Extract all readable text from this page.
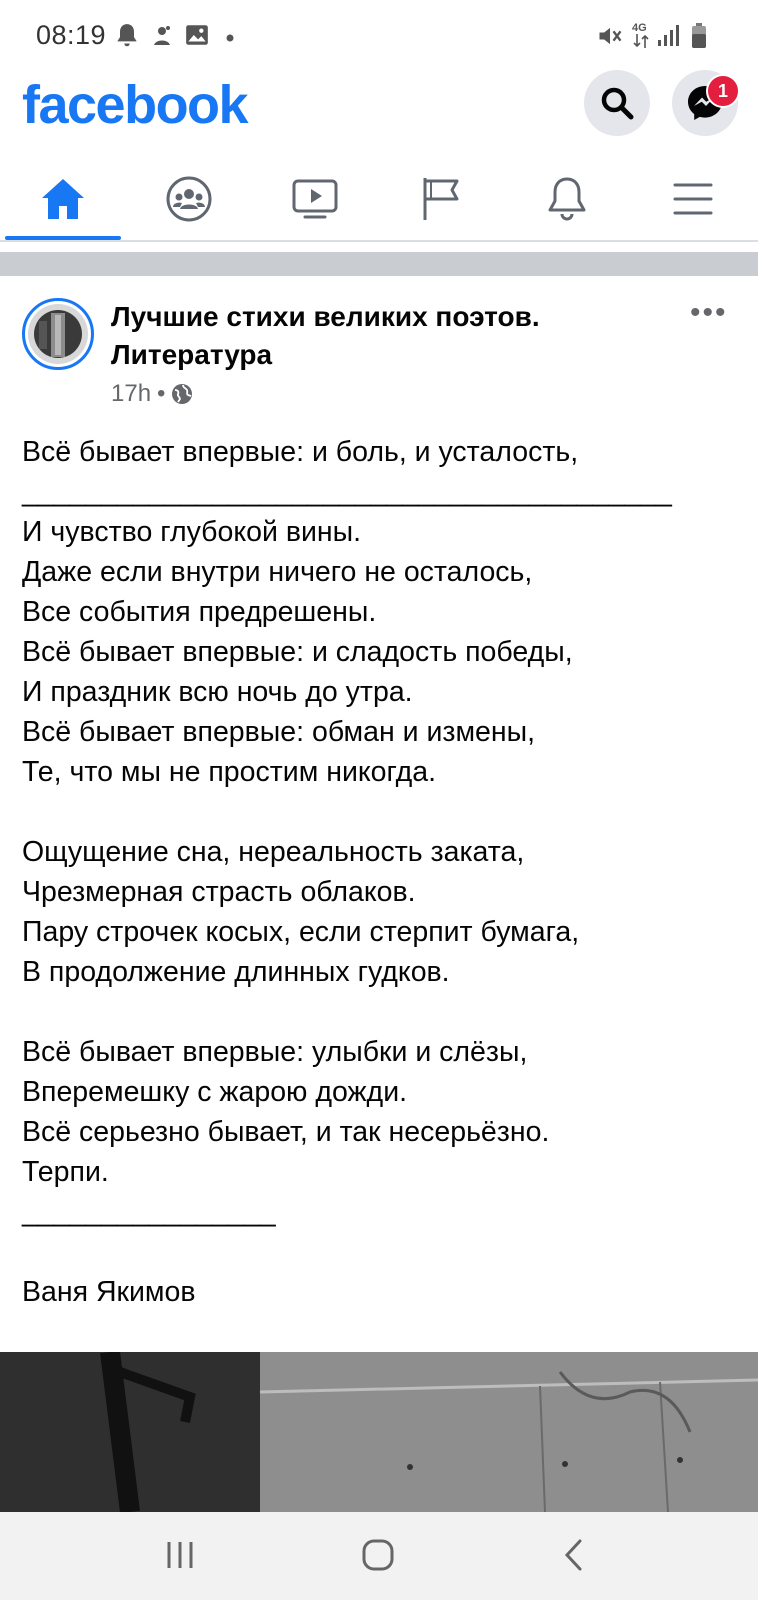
08:19	4G
facebook	1
Лучшие стихи великих поэтов. Литература
17h •
•••
Всё бывает впервые: и боль, и усталость,
_________________________________________
И чувство глубокой вины.
Даже если внутри ничего не осталось,
Все события предрешены.
Всё бывает впервые: и сладость победы,
И праздник всю ночь до утра.
Всё бывает впервые: обман и измены,
Те, что мы не простим никогда.
Ощущение сна, нереальность заката,
Чрезмерная страсть облаков.
Пару строчек косых, если стерпит бумага,
В продолжение длинных гудков.
Всё бывает впервые: улыбки и слёзы,
Вперемешку с жарою дожди.
Всё серьезно бывает, и так несерьёзно.
Терпи.
________________
Ваня Якимов
